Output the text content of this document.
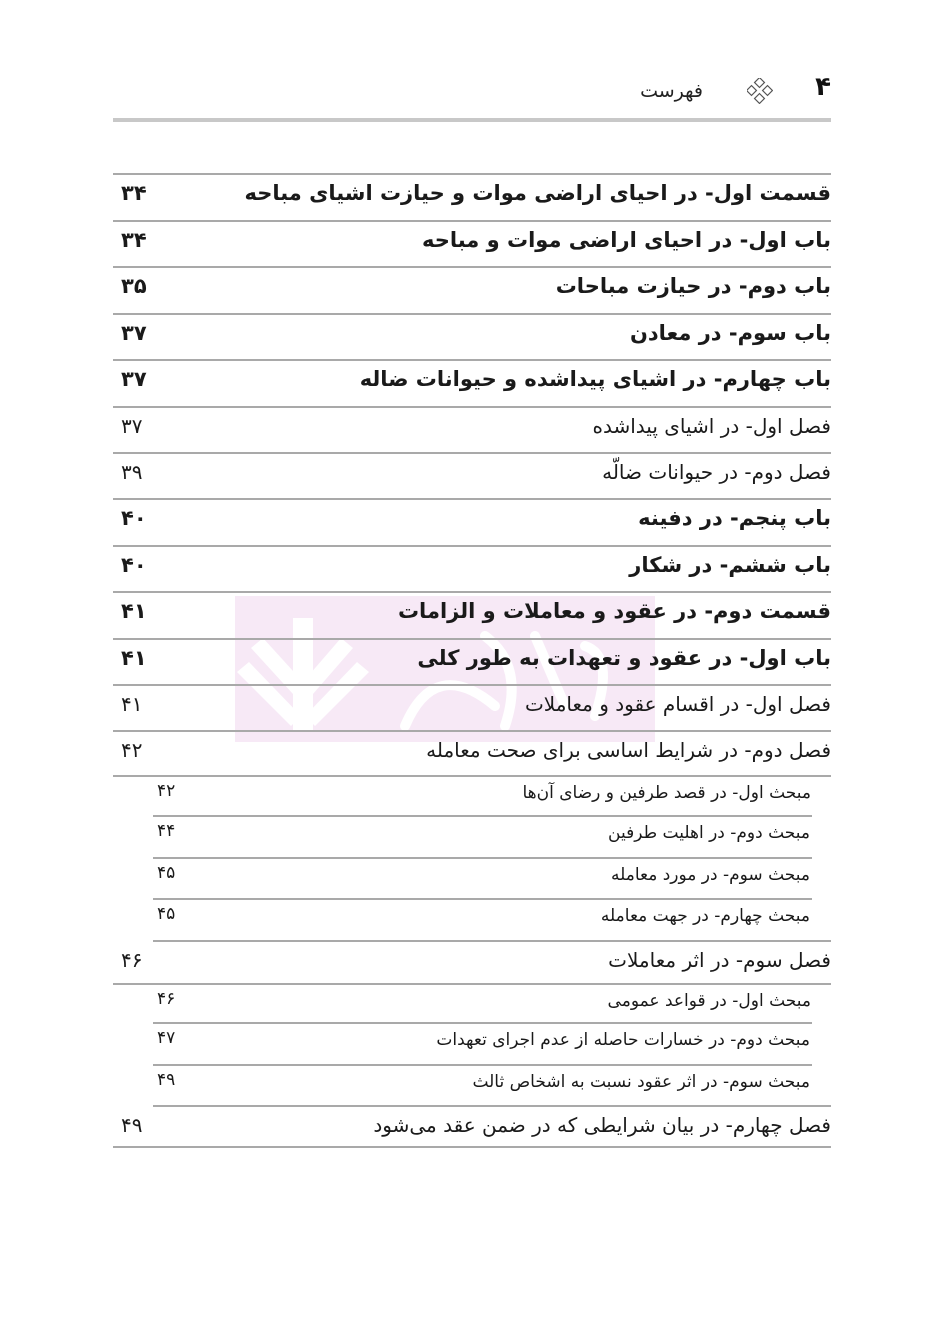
۴
فهرست
قسمت اول- در احیای اراضی موات و حیازت اشیای مباحه
۳۴
باب اول- در احیای اراضی موات و مباحه
۳۴
باب دوم- در حیازت مباحات
۳۵
باب سوم- در معادن
۳۷
باب چهارم- در اشیای پیداشده و حیوانات ضاله
۳۷
فصل اول- در اشیای پیداشده
۳۷
فصل دوم- در حیوانات ضالّه
۳۹
باب پنجم- در دفینه
۴۰
باب ششم- در شکار
۴۰
قسمت دوم- در عقود و معاملات و الزامات
۴۱
باب اول- در عقود و تعهدات به طور کلی
۴۱
فصل اول- در اقسام عقود و معاملات
۴۱
فصل دوم- در شرایط اساسی برای صحت معامله
۴۲
مبحث اول- در قصد طرفین و رضای آن‌ها
۴۲
مبحث دوم- در اهلیت طرفین
۴۴
مبحث سوم- در مورد معامله
۴۵
مبحث چهارم- در جهت معامله
۴۵
فصل سوم- در اثر معاملات
۴۶
مبحث اول- در قواعد عمومی
۴۶
مبحث دوم- در خسارات حاصله از عدم اجرای تعهدات
۴۷
مبحث سوم- در اثر عقود نسبت به اشخاص ثالث
۴۹
فصل چهارم- در بیان شرایطی که در ضمن عقد می‌شود
۴۹
